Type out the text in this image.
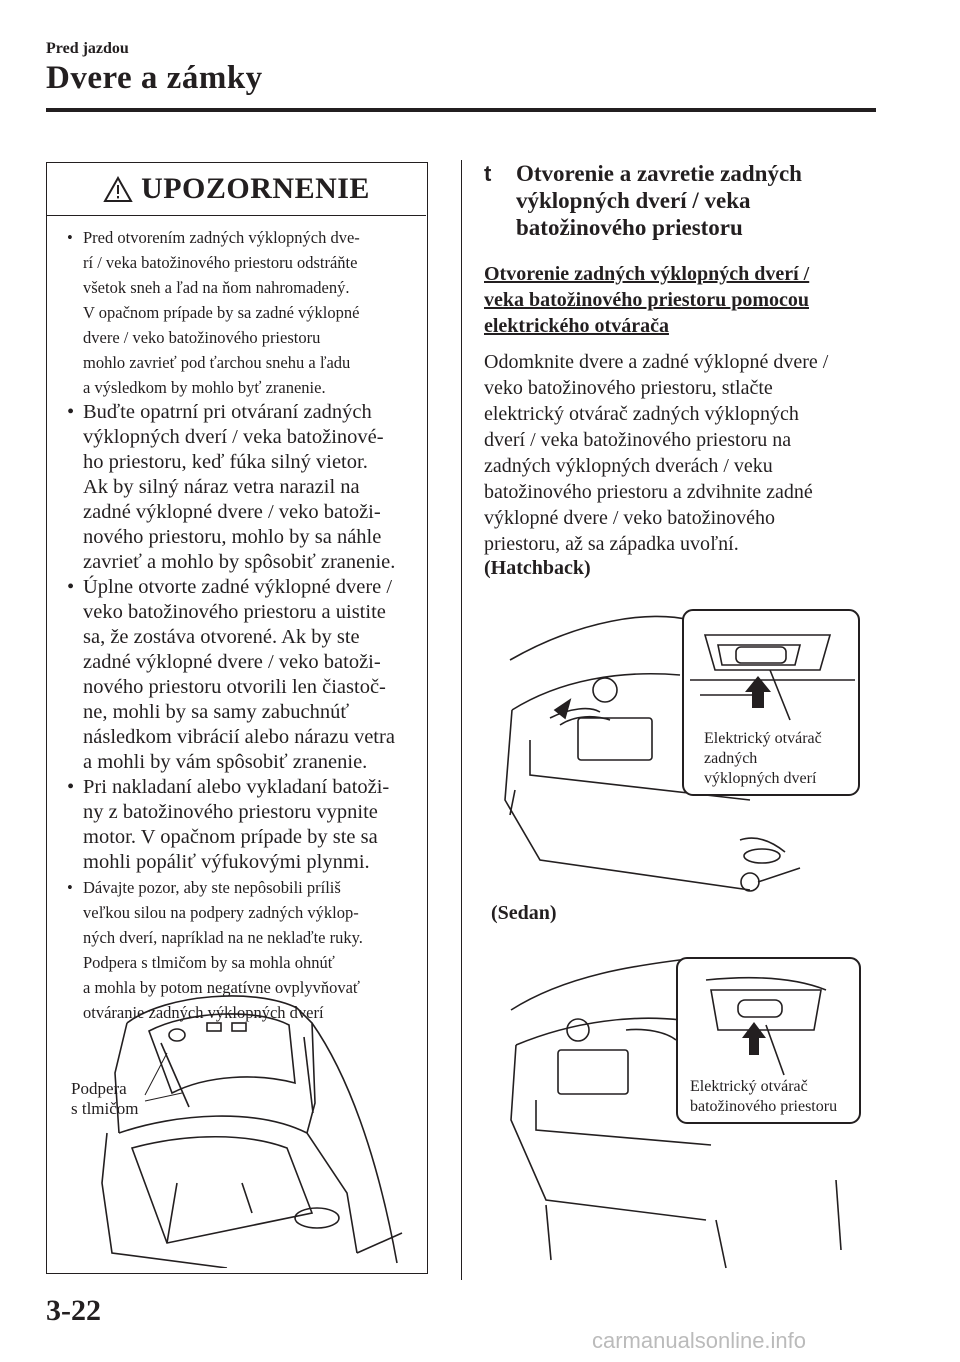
Pred jazdou
Dvere a zámky
UPOZORNENIE

• Pred otvorením zadných výklopných dve-
rí / veka batožinového priestoru odstráňte
všetok sneh a ľad na ňom nahromadený.
V opačnom prípade by sa zadné výklopné
dvere / veko batožinového priestoru
mohlo zavrieť pod ťarchou snehu a ľadu
a výsledkom by mohlo byť zranenie.

• Buďte opatrní pri otváraní zadných
výklopných dverí / veka batožinové-
ho priestoru, keď fúka silný vietor.
Ak by silný náraz vetra narazil na
zadné výklopné dvere / veko batoži-
nového priestoru, mohlo by sa náhle
zavrieť a mohlo by spôsobiť zranenie.

• Úplne otvorte zadné výklopné dvere /
veko batožinového priestoru a uistite
sa, že zostáva otvorené. Ak by ste
zadné výklopné dvere / veko batoži-
nového priestoru otvorili len čiastoč-
ne, mohli by sa samy zabuchnúť
následkom vibrácií alebo nárazu vetra
a mohli by vám spôsobiť zranenie.

• Pri nakladaní alebo vykladaní batoži-
ny z batožinového priestoru vypnite
motor. V opačnom prípade by ste sa
mohli popáliť výfukovými plynmi.

• Dávajte pozor, aby ste nepôsobili príliš
veľkou silou na podpery zadných výklop-
ných dverí, napríklad na ne neklaďte ruky.
Podpera s tlmičom by sa mohla ohnúť
a mohla by potom negatívne ovplyvňovať
otváranie zadných výklopných dverí

Podpera
s tlmičom
t Otvorenie a zavretie zadných
výklopných dverí / veka
batožinového priestoru
Otvorenie zadných výklopných dverí /
veka batožinového priestoru pomocou
elektrického otvárača
Odomknite dvere a zadné výklopné dvere /
veko batožinového priestoru, stlačte
elektrický otvárač zadných výklopných
dverí / veka batožinového priestoru na
zadných výklopných dverách / veku
batožinového priestoru a zdvihnite zadné
výklopné dvere / veko batožinového
priestoru, až sa západka uvoľní.
(Hatchback)
Elektrický otvárač
zadných
výklopných dverí
(Sedan)
Elektrický otvárač
batožinového priestoru
3-22
carmanualsonline.info
